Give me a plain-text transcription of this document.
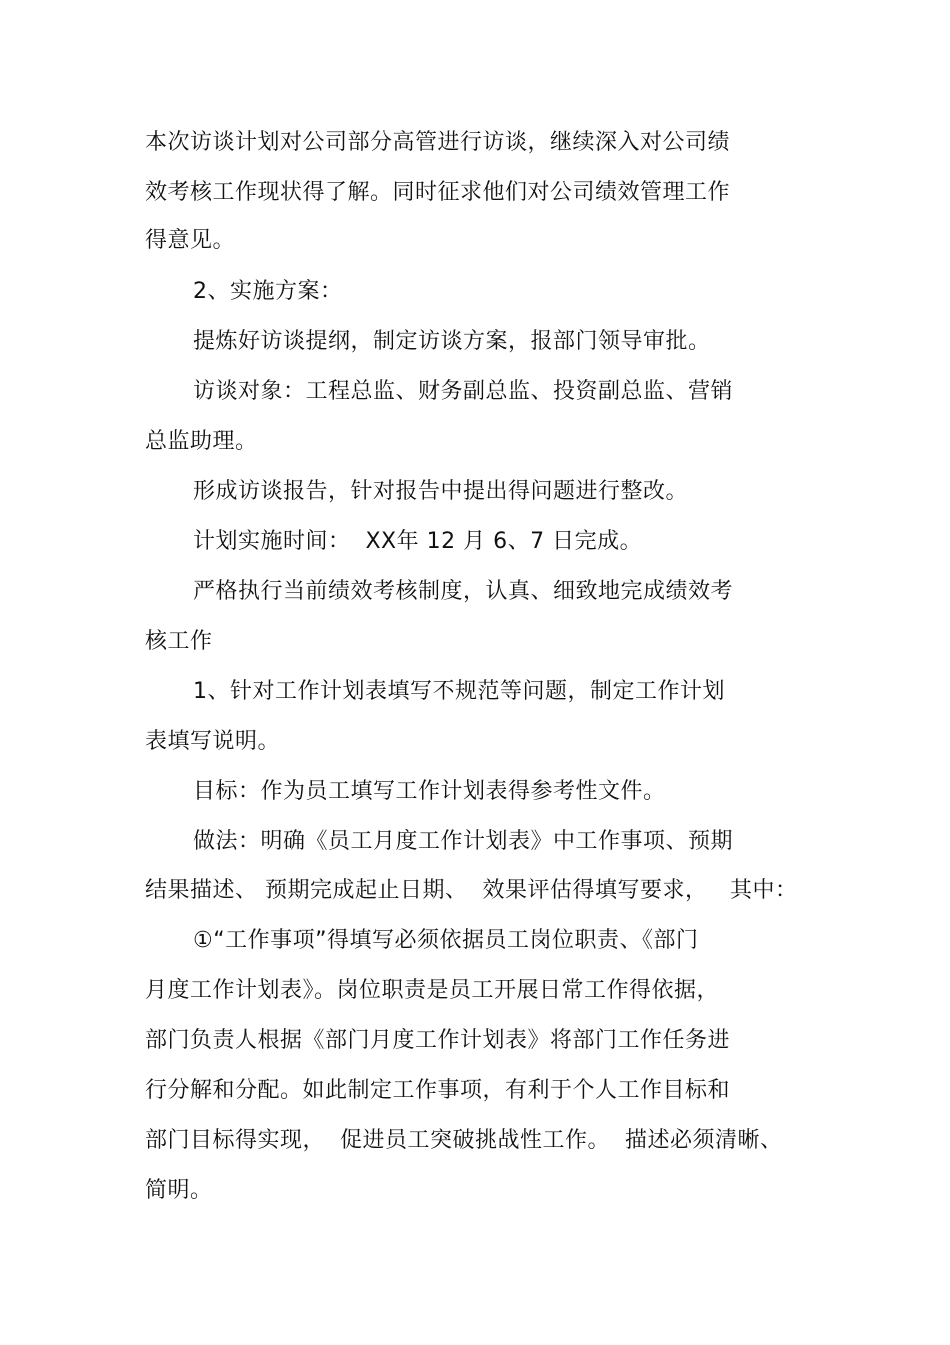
本次访谈计划对公司部分高管进行访谈，继续深入对公司绩
效考核工作现状得了解。同时征求他们对公司绩效管理工作
得意见。
2、实施方案：
提炼好访谈提纲，制定访谈方案，报部门领导审批。
访谈对象：工程总监、财务副总监、投资副总监、营销
总监助理。
形成访谈报告，针对报告中提出得问题进行整改。
计划实施时间：  XX年 12 月 6、7 日完成。
严格执行当前绩效考核制度，认真、细致地完成绩效考
核工作
1、针对工作计划表填写不规范等问题，制定工作计划
表填写说明。
目标：作为员工填写工作计划表得参考性文件。
做法：明确《员工月度工作计划表》中工作事项、预期
结果描述、 预期完成起止日期、  效果评估得填写要求，   其中：
①“工作事项”得填写必须依据员工岗位职责、《部门
月度工作计划表》。岗位职责是员工开展日常工作得依据，
部门负责人根据《部门月度工作计划表》将部门工作任务进
行分解和分配。如此制定工作事项，有利于个人工作目标和
部门目标得实现，  促进员工突破挑战性工作。  描述必须清晰、
简明。
